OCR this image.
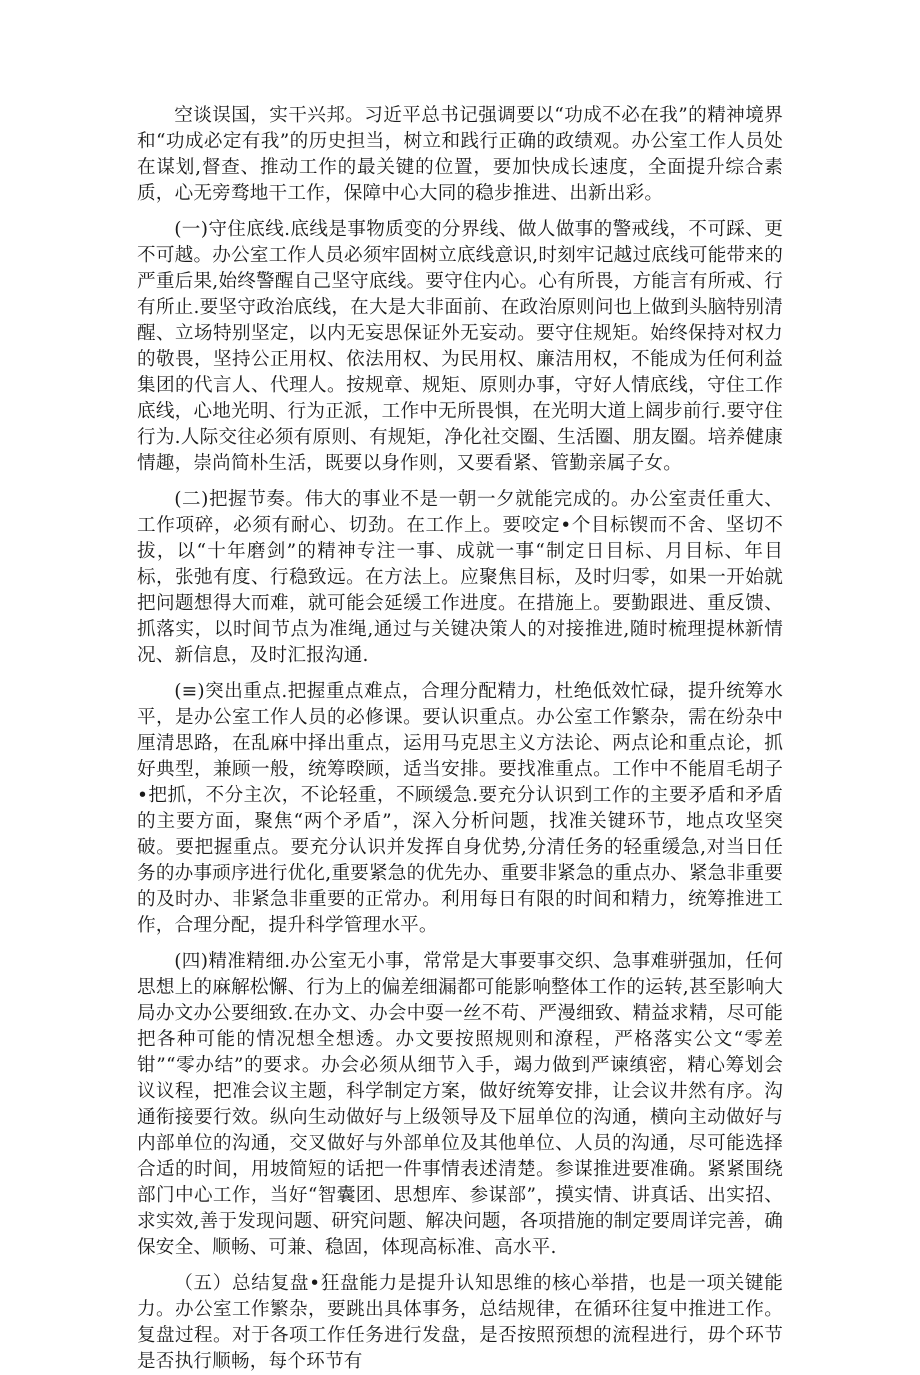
空谈误国，实干兴邦。习近平总书记强调要以“功成不必在我”的精神境界和“功成必定有我”的历史担当，树立和践行正确的政绩观。办公室工作人员处在谋划,督查、推动工作的最关键的位置，要加快成长速度，全面提升综合素质，心无旁骛地干工作，保障中心大同的稳步推进、出新出彩。

(一)守住底线.底线是事物质变的分界线、做人做事的警戒线，不可踩、更不可越。办公室工作人员必须牢固树立底线意识,时刻牢记越过底线可能带来的严重后果,始终警醒自己坚守底线。要守住内心。心有所畏，方能言有所戒、行有所止.要坚守政治底线，在大是大非面前、在政治原则问也上做到头脑特别清醒、立场特别坚定，以内无妄思保证外无妄动。要守住规矩。始终保持对权力的敬畏，坚持公正用权、依法用权、为民用权、廉洁用权，不能成为任何利益集团的代言人、代理人。按规章、规矩、原则办事，守好人情底线，守住工作底线，心地光明、行为正派，工作中无所畏惧，在光明大道上阔步前行.要守住行为.人际交往必须有原则、有规矩，净化社交圈、生活圈、朋友圈。培养健康情趣，崇尚简朴生活，既要以身作则，又要看紧、管勤亲属子女。

(二)把握节奏。伟大的事业不是一朝一夕就能完成的。办公室责任重大、工作项碎，必须有耐心、切劲。在工作上。要咬定•个目标锲而不舍、坚切不拔，以“十年磨剑”的精神专注一事、成就一事“制定日目标、月目标、年目标，张弛有度、行稳致远。在方法上。应聚焦目标，及时归零，如果一开始就把问题想得大而难，就可能会延缓工作进度。在措施上。要勤跟进、重反馈、抓落实，以时间节点为准绳,通过与关键决策人的对接推进,随时梳理提林新情况、新信息，及时汇报沟通.

(≡)突出重点.把握重点难点，合理分配精力，杜绝低效忙碌，提升统筹水平，是办公室工作人员的必修课。要认识重点。办公室工作繁杂，需在纷杂中厘清思路，在乱麻中择出重点，运用马克思主义方法论、两点论和重点论，抓好典型，兼顾一般，统筹暌顾，适当安排。要找准重点。工作中不能眉毛胡子•把抓，不分主次，不论轻重，不顾缓急.要充分认识到工作的主要矛盾和矛盾的主要方面，聚焦“两个矛盾”，深入分析问题，找准关键环节，地点攻坚突破。要把握重点。要充分认识并发挥自身优势,分清任务的轻重缓急,对当日任务的办事顽序进行优化,重要紧急的优先办、重要非紧急的重点办、紧急非重要的及时办、非紧急非重要的正常办。利用每日有限的时间和精力，统筹推进工作，合理分配，提升科学管理水平。

(四)精准精细.办公室无小事，常常是大事要事交织、急事难骈强加，任何思想上的麻解松懈、行为上的偏差细漏都可能影响整体工作的运转,甚至影响大局办文办公要细致.在办文、办会中耍一丝不苟、严漫细致、精益求精，尽可能把各种可能的情况想全想透。办文要按照规则和潦程，严格落实公文“零差钳”“零办结”的要求。办会必须从细节入手，竭力做到严谏缜密，精心筹划会议议程，把准会议主题，科学制定方案，做好统筹安排，让会议井然有序。沟通衔接要行效。纵向生动做好与上级领导及下屈单位的沟通，横向主动做好与内部单位的沟通，交叉做好与外部单位及其他单位、人员的沟通，尽可能选择合适的时间，用坡简短的话把一件事情表述清楚。参谋推进要准确。紧紧围绕部门中心工作，当好“智囊团、思想库、参谋部”，摸实情、讲真话、出实招、求实效,善于发现问题、研究问题、解决问题，各项措施的制定要周详完善，确保安全、顺畅、可兼、稳固，体现高标准、高水平.

（五）总结复盘•狂盘能力是提升认知思维的核心举措，也是一项关键能力。办公室工作繁杂，要跳出具体事务，总结规律，在循环往复中推进工作。复盘过程。对于各项工作任务进行发盘，是否按照预想的流程进行，毋个环节是否执行顺畅，每个环节有
